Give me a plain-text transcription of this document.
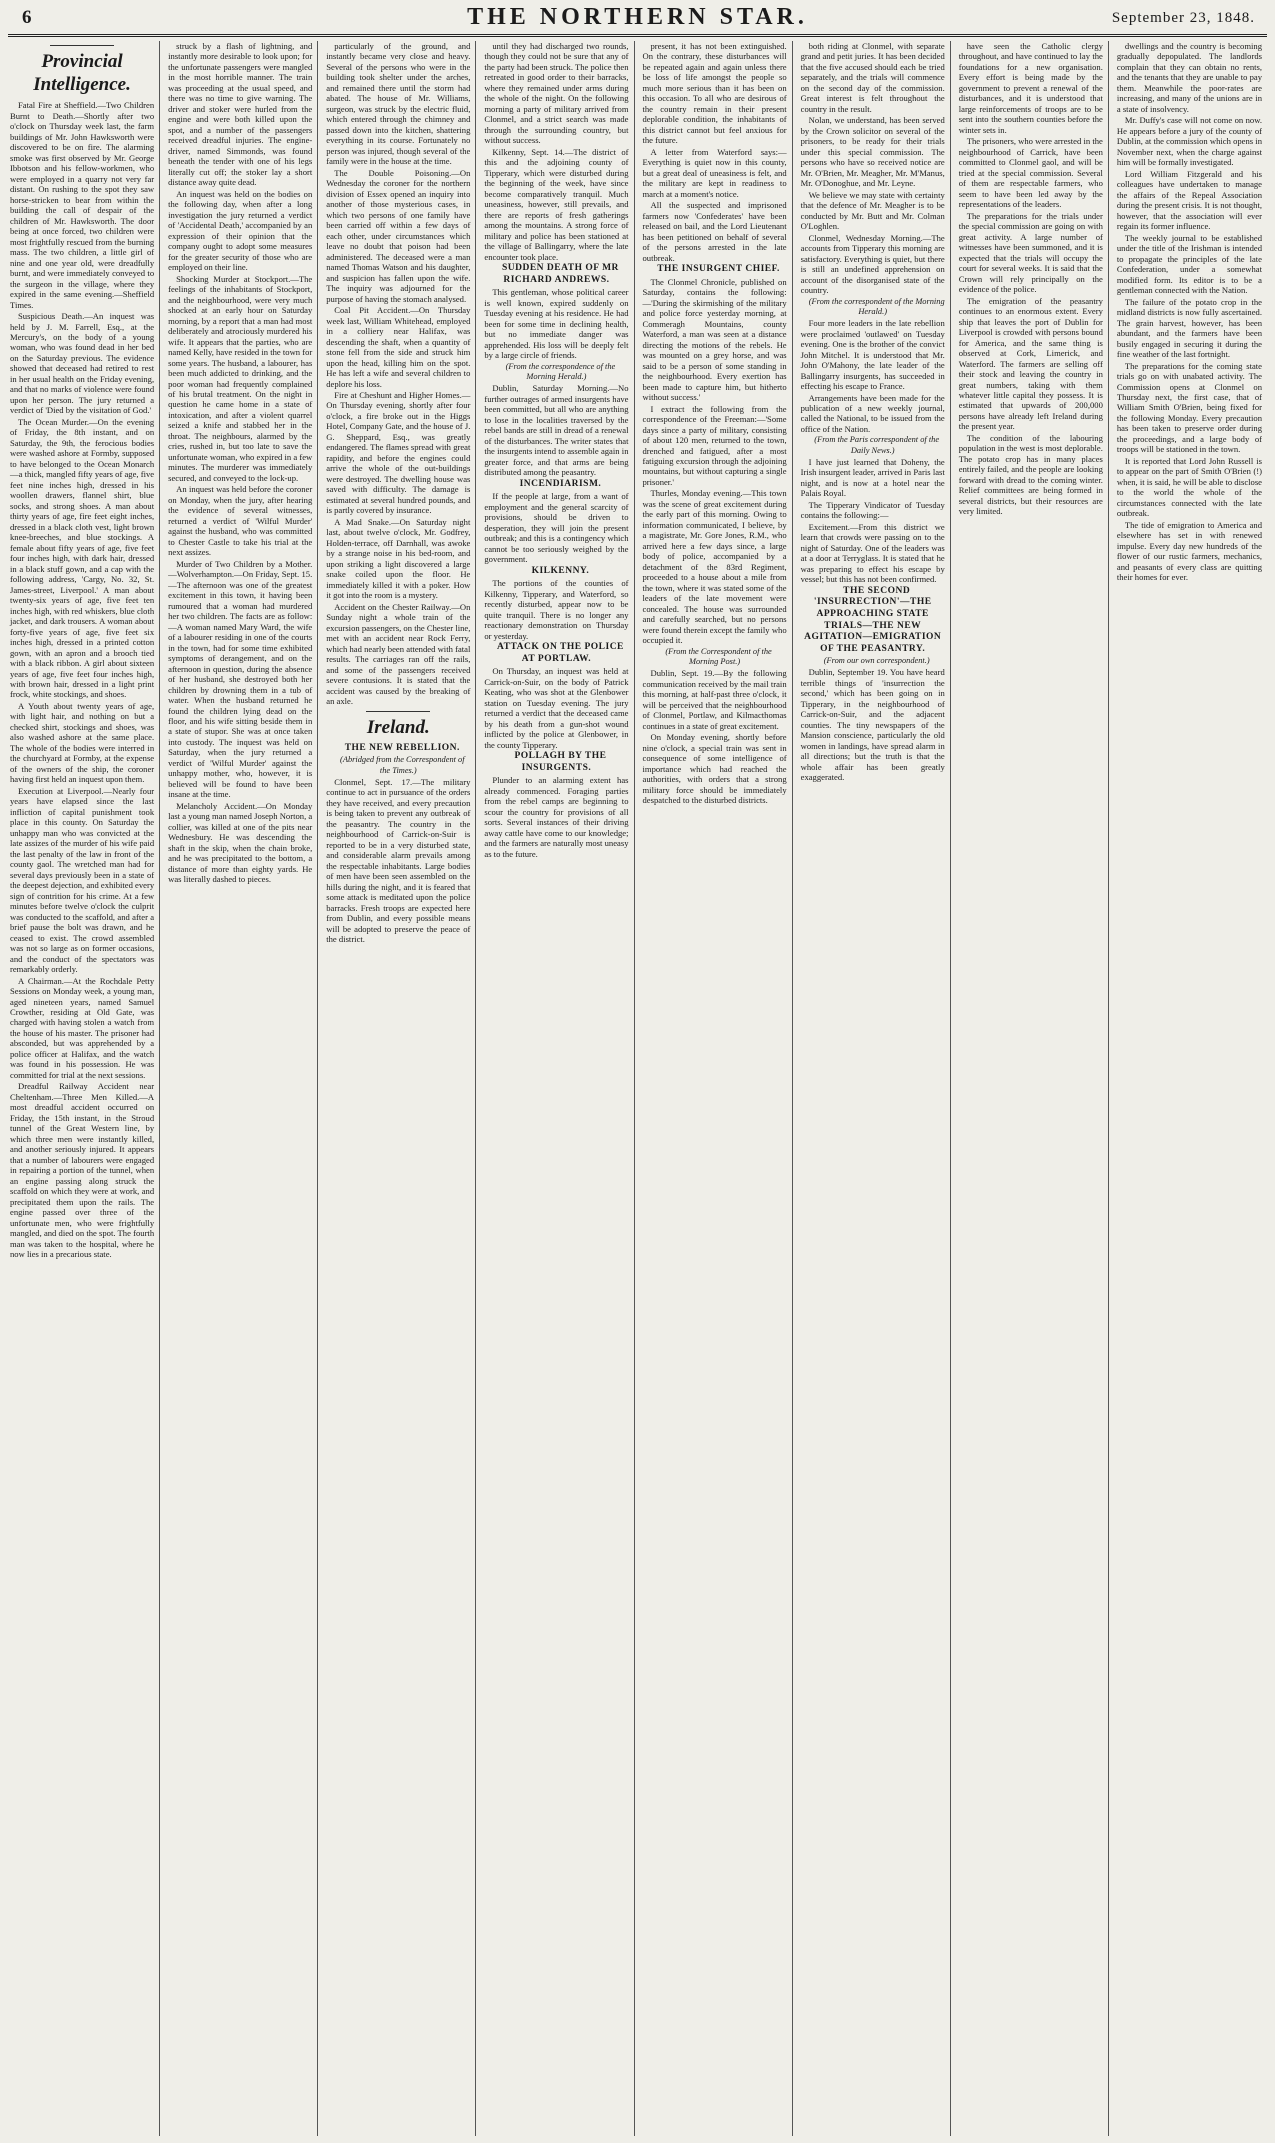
6	THE NORTHERN STAR.	September 23, 1848.
Provincial Intelligence.

Fatal Fire at Sheffield.—Two Children Burnt to Death.—Shortly after two o'clock on Thursday week last, the farm buildings of Mr. John Hawksworth were discovered to be on fire. The alarming smoke was first observed by Mr. George Ibbotson and his fellow-workmen, who were employed in a quarry not very far distant. On rushing to the spot they saw horse-stricken to bear from within the building the call of despair of the children of Mr. Hawksworth. The door being at once forced, two children were most frightfully rescued from the burning mass. The two children, a little girl of nine and one year old, were dreadfully burnt, and were immediately conveyed to the surgeon in the village, where they expired in the same evening.—Sheffield Times.

Suspicious Death.—An inquest was held by J. M. Farrell, Esq., at the Mercury's, on the body of a young woman, who was found dead in her bed on the Saturday previous. The evidence showed that deceased had retired to rest in her usual health on the Friday evening, and that no marks of violence were found upon her person. The jury returned a verdict of 'Died by the visitation of God.'

The Ocean Murder.—On the evening of Friday, the 8th instant, and on Saturday, the 9th, the ferocious bodies were washed ashore at Formby, supposed to have belonged to the Ocean Monarch—a thick, mangled fifty years of age, five feet nine inches high, dressed in his woollen drawers, flannel shirt, blue socks, and strong shoes. A man about thirty years of age, fire feet eight inches, dressed in a black cloth vest, light brown knee-breeches, and blue stockings. A female about fifty years of age, five feet four inches high, with dark hair, dressed in a black stuff gown, and a cap with the following address, 'Cargy, No. 32, St. James-street, Liverpool.' A man about twenty-six years of age, five feet ten inches high, with red whiskers, blue cloth jacket, and dark trousers. A woman about forty-five years of age, five feet six inches high, dressed in a printed cotton gown, with an apron and a brooch tied with a black ribbon. A girl about sixteen years of age, five feet four inches high, with brown hair, dressed in a light print frock, white stockings, and shoes.

A Youth about twenty years of age, with light hair, and nothing on but a checked shirt, stockings and shoes, was also washed ashore at the same place. The whole of the bodies were interred in the churchyard at Formby, at the expense of the owners of the ship, the coroner having first held an inquest upon them.

Execution at Liverpool.—Nearly four years have elapsed since the last infliction of capital punishment took place in this county. On Saturday the unhappy man who was convicted at the late assizes of the murder of his wife paid the last penalty of the law in front of the county gaol. The wretched man had for several days previously been in a state of the deepest dejection, and exhibited every sign of contrition for his crime. At a few minutes before twelve o'clock the culprit was conducted to the scaffold, and after a brief pause the bolt was drawn, and he ceased to exist. The crowd assembled was not so large as on former occasions, and the conduct of the spectators was remarkably orderly.

A Chairman.—At the Rochdale Petty Sessions on Monday week, a young man, aged nineteen years, named Samuel Crowther, residing at Old Gate, was charged with having stolen a watch from the house of his master. The prisoner had absconded, but was apprehended by a police officer at Halifax, and the watch was found in his possession. He was committed for trial at the next sessions.

Dreadful Railway Accident near Cheltenham.—Three Men Killed.—A most dreadful accident occurred on Friday, the 15th instant, in the Stroud tunnel of the Great Western line, by which three men were instantly killed, and another seriously injured. It appears that a number of labourers were engaged in repairing a portion of the tunnel, when an engine passing along struck the scaffold on which they were at work, and precipitated them upon the rails. The engine passed over three of the unfortunate men, who were frightfully mangled, and died on the spot. The fourth man was taken to the hospital, where he now lies in a precarious state.

struck by a flash of lightning, and instantly more desirable to look upon; for the unfortunate passengers were mangled in the most horrible manner. The train was proceeding at the usual speed, and there was no time to give warning. The driver and stoker were hurled from the engine and were both killed upon the spot, and a number of the passengers received dreadful injuries. The engine-driver, named Simmonds, was found beneath the tender with one of his legs literally cut off; the stoker lay a short distance away quite dead.

An inquest was held on the bodies on the following day, when after a long investigation the jury returned a verdict of 'Accidental Death,' accompanied by an expression of their opinion that the company ought to adopt some measures for the greater security of those who are employed on their line.

Shocking Murder at Stockport.—The feelings of the inhabitants of Stockport, and the neighbourhood, were very much shocked at an early hour on Saturday morning, by a report that a man had most deliberately and atrociously murdered his wife. It appears that the parties, who are named Kelly, have resided in the town for some years. The husband, a labourer, has been much addicted to drinking, and the poor woman had frequently complained of his brutal treatment. On the night in question he came home in a state of intoxication, and after a violent quarrel seized a knife and stabbed her in the throat. The neighbours, alarmed by the cries, rushed in, but too late to save the unfortunate woman, who expired in a few minutes. The murderer was immediately secured, and conveyed to the lock-up.

An inquest was held before the coroner on Monday, when the jury, after hearing the evidence of several witnesses, returned a verdict of 'Wilful Murder' against the husband, who was committed to Chester Castle to take his trial at the next assizes.

Murder of Two Children by a Mother.—Wolverhampton.—On Friday, Sept. 15.—The afternoon was one of the greatest excitement in this town, it having been rumoured that a woman had murdered her two children. The facts are as follow:—A woman named Mary Ward, the wife of a labourer residing in one of the courts in the town, had for some time exhibited symptoms of derangement, and on the afternoon in question, during the absence of her husband, she destroyed both her children by drowning them in a tub of water. When the husband returned he found the children lying dead on the floor, and his wife sitting beside them in a state of stupor. She was at once taken into custody. The inquest was held on Saturday, when the jury returned a verdict of 'Wilful Murder' against the unhappy mother, who, however, it is believed will be found to have been insane at the time.

Melancholy Accident.—On Monday last a young man named Joseph Norton, a collier, was killed at one of the pits near Wednesbury. He was descending the shaft in the skip, when the chain broke, and he was precipitated to the bottom, a distance of more than eighty yards. He was literally dashed to pieces.

particularly of the ground, and instantly became very close and heavy. Several of the persons who were in the building took shelter under the arches, and remained there until the storm had abated. The house of Mr. Williams, surgeon, was struck by the electric fluid, which entered through the chimney and passed down into the kitchen, shattering everything in its course. Fortunately no person was injured, though several of the family were in the house at the time.

The Double Poisoning.—On Wednesday the coroner for the northern division of Essex opened an inquiry into another of those mysterious cases, in which two persons of one family have been carried off within a few days of each other, under circumstances which leave no doubt that poison had been administered. The deceased were a man named Thomas Watson and his daughter, and suspicion has fallen upon the wife. The inquiry was adjourned for the purpose of having the stomach analysed.

Coal Pit Accident.—On Thursday week last, William Whitehead, employed in a colliery near Halifax, was descending the shaft, when a quantity of stone fell from the side and struck him upon the head, killing him on the spot. He has left a wife and several children to deplore his loss.

Fire at Cheshunt and Higher Homes.—On Thursday evening, shortly after four o'clock, a fire broke out in the Higgs Hotel, Company Gate, and the house of J. G. Sheppard, Esq., was greatly endangered. The flames spread with great rapidity, and before the engines could arrive the whole of the out-buildings were destroyed. The dwelling house was saved with difficulty. The damage is estimated at several hundred pounds, and is partly covered by insurance.

A Mad Snake.—On Saturday night last, about twelve o'clock, Mr. Godfrey, Holden-terrace, off Darnhall, was awoke by a strange noise in his bed-room, and upon striking a light discovered a large snake coiled upon the floor. He immediately killed it with a poker. How it got into the room is a mystery.

Accident on the Chester Railway.—On Sunday night a whole train of the excursion passengers, on the Chester line, met with an accident near Rock Ferry, which had nearly been attended with fatal results. The carriages ran off the rails, and some of the passengers received severe contusions. It is stated that the accident was caused by the breaking of an axle.

Ireland.

THE NEW REBELLION.

(Abridged from the Correspondent of the Times.)

Clonmel, Sept. 17.—The military continue to act in pursuance of the orders they have received, and every precaution is being taken to prevent any outbreak of the peasantry. The country in the neighbourhood of Carrick-on-Suir is reported to be in a very disturbed state, and considerable alarm prevails among the respectable inhabitants. Large bodies of men have been seen assembled on the hills during the night, and it is feared that some attack is meditated upon the police barracks. Fresh troops are expected here from Dublin, and every possible means will be adopted to preserve the peace of the district.

until they had discharged two rounds, though they could not be sure that any of the party had been struck. The police then retreated in good order to their barracks, where they remained under arms during the whole of the night. On the following morning a party of military arrived from Clonmel, and a strict search was made through the surrounding country, but without success.

Kilkenny, Sept. 14.—The district of this and the adjoining county of Tipperary, which were disturbed during the beginning of the week, have since become comparatively tranquil. Much uneasiness, however, still prevails, and there are reports of fresh gatherings among the mountains. A strong force of military and police has been stationed at the village of Ballingarry, where the late encounter took place.

SUDDEN DEATH OF MR RICHARD ANDREWS.

This gentleman, whose political career is well known, expired suddenly on Tuesday evening at his residence. He had been for some time in declining health, but no immediate danger was apprehended. His loss will be deeply felt by a large circle of friends.

(From the correspondence of the Morning Herald.)

Dublin, Saturday Morning.—No further outrages of armed insurgents have been committed, but all who are anything to lose in the localities traversed by the rebel bands are still in dread of a renewal of the disturbances. The writer states that the insurgents intend to assemble again in greater force, and that arms are being distributed among the peasantry.

INCENDIARISM.

If the people at large, from a want of employment and the general scarcity of provisions, should be driven to desperation, they will join the present outbreak; and this is a contingency which cannot be too seriously weighed by the government.

KILKENNY.

The portions of the counties of Kilkenny, Tipperary, and Waterford, so recently disturbed, appear now to be quite tranquil. There is no longer any reactionary demonstration on Thursday or yesterday.

ATTACK ON THE POLICE AT PORTLAW.

On Thursday, an inquest was held at Carrick-on-Suir, on the body of Patrick Keating, who was shot at the Glenbower station on Tuesday evening. The jury returned a verdict that the deceased came by his death from a gun-shot wound inflicted by the police at Glenbower, in the county Tipperary.

POLLAGH BY THE INSURGENTS.

Plunder to an alarming extent has already commenced. Foraging parties from the rebel camps are beginning to scour the country for provisions of all sorts. Several instances of their driving away cattle have come to our knowledge; and the farmers are naturally most uneasy as to the future.

present, it has not been extinguished. On the contrary, these disturbances will be repeated again and again unless there be loss of life amongst the people so much more serious than it has been on this occasion. To all who are desirous of the country remain in their present deplorable condition, the inhabitants of this district cannot but feel anxious for the future.

A letter from Waterford says:—Everything is quiet now in this county, but a great deal of uneasiness is felt, and the military are kept in readiness to march at a moment's notice.

All the suspected and imprisoned farmers now 'Confederates' have been released on bail, and the Lord Lieutenant has been petitioned on behalf of several of the persons arrested in the late outbreak.

THE INSURGENT CHIEF.

The Clonmel Chronicle, published on Saturday, contains the following:—'During the skirmishing of the military and police force yesterday morning, at Commeragh Mountains, county Waterford, a man was seen at a distance directing the motions of the rebels. He was mounted on a grey horse, and was said to be a person of some standing in the neighbourhood. Every exertion has been made to capture him, but hitherto without success.'

I extract the following from the correspondence of the Freeman:—'Some days since a party of military, consisting of about 120 men, returned to the town, drenched and fatigued, after a most fatiguing excursion through the adjoining mountains, but without capturing a single prisoner.'

Thurles, Monday evening.—This town was the scene of great excitement during the early part of this morning. Owing to information communicated, I believe, by a magistrate, Mr. Gore Jones, R.M., who arrived here a few days since, a large body of police, accompanied by a detachment of the 83rd Regiment, proceeded to a house about a mile from the town, where it was stated some of the leaders of the late movement were concealed. The house was surrounded and carefully searched, but no persons were found therein except the family who occupied it.

(From the Correspondent of the Morning Post.)

Dublin, Sept. 19.—By the following communication received by the mail train this morning, at half-past three o'clock, it will be perceived that the neighbourhood of Clonmel, Portlaw, and Kilmacthomas continues in a state of great excitement.

On Monday evening, shortly before nine o'clock, a special train was sent in consequence of some intelligence of importance which had reached the authorities, with orders that a strong military force should be immediately despatched to the disturbed districts.

both riding at Clonmel, with separate grand and petit juries. It has been decided that the five accused should each be tried separately, and the trials will commence on the second day of the commission. Great interest is felt throughout the country in the result.

Nolan, we understand, has been served by the Crown solicitor on several of the prisoners, to be ready for their trials under this special commission. The persons who have so received notice are Mr. O'Brien, Mr. Meagher, Mr. M'Manus, Mr. O'Donoghue, and Mr. Leyne.

We believe we may state with certainty that the defence of Mr. Meagher is to be conducted by Mr. Butt and Mr. Colman O'Loghlen.

Clonmel, Wednesday Morning.—The accounts from Tipperary this morning are satisfactory. Everything is quiet, but there is still an undefined apprehension on account of the disorganised state of the country.

(From the correspondent of the Morning Herald.)

Four more leaders in the late rebellion were proclaimed 'outlawed' on Tuesday evening. One is the brother of the convict John Mitchel. It is understood that Mr. John O'Mahony, the late leader of the Ballingarry insurgents, has succeeded in effecting his escape to France.

Arrangements have been made for the publication of a new weekly journal, called the National, to be issued from the office of the Nation.

(From the Paris correspondent of the Daily News.)

I have just learned that Doheny, the Irish insurgent leader, arrived in Paris last night, and is now at a hotel near the Palais Royal.

The Tipperary Vindicator of Tuesday contains the following:—

Excitement.—From this district we learn that crowds were passing on to the night of Saturday. One of the leaders was at a door at Terryglass. It is stated that he was preparing to effect his escape by vessel; but this has not been confirmed.

THE SECOND 'INSURRECTION'—THE APPROACHING STATE TRIALS—THE NEW AGITATION—EMIGRATION OF THE PEASANTRY.

(From our own correspondent.)

Dublin, September 19. You have heard terrible things of 'insurrection the second,' which has been going on in Tipperary, in the neighbourhood of Carrick-on-Suir, and the adjacent counties. The tiny newspapers of the Mansion conscience, particularly the old women in landings, have spread alarm in all directions; but the truth is that the whole affair has been greatly exaggerated.

have seen the Catholic clergy throughout, and have continued to lay the foundations for a new organisation. Every effort is being made by the government to prevent a renewal of the disturbances, and it is understood that large reinforcements of troops are to be sent into the southern counties before the winter sets in.

The prisoners, who were arrested in the neighbourhood of Carrick, have been committed to Clonmel gaol, and will be tried at the special commission. Several of them are respectable farmers, who seem to have been led away by the representations of the leaders.

The preparations for the trials under the special commission are going on with great activity. A large number of witnesses have been summoned, and it is expected that the trials will occupy the court for several weeks. It is said that the Crown will rely principally on the evidence of the police.

The emigration of the peasantry continues to an enormous extent. Every ship that leaves the port of Dublin for Liverpool is crowded with persons bound for America, and the same thing is observed at Cork, Limerick, and Waterford. The farmers are selling off their stock and leaving the country in great numbers, taking with them whatever little capital they possess. It is estimated that upwards of 200,000 persons have already left Ireland during the present year.

The condition of the labouring population in the west is most deplorable. The potato crop has in many places entirely failed, and the people are looking forward with dread to the coming winter. Relief committees are being formed in several districts, but their resources are very limited.

dwellings and the country is becoming gradually depopulated. The landlords complain that they can obtain no rents, and the tenants that they are unable to pay them. Meanwhile the poor-rates are increasing, and many of the unions are in a state of insolvency.

Mr. Duffy's case will not come on now. He appears before a jury of the county of Dublin, at the commission which opens in November next, when the charge against him will be formally investigated.

Lord William Fitzgerald and his colleagues have undertaken to manage the affairs of the Repeal Association during the present crisis. It is not thought, however, that the association will ever regain its former influence.

The weekly journal to be established under the title of the Irishman is intended to propagate the principles of the late Confederation, under a somewhat modified form. Its editor is to be a gentleman connected with the Nation.

The failure of the potato crop in the midland districts is now fully ascertained. The grain harvest, however, has been abundant, and the farmers have been busily engaged in securing it during the fine weather of the last fortnight.

The preparations for the coming state trials go on with unabated activity. The Commission opens at Clonmel on Thursday next, the first case, that of William Smith O'Brien, being fixed for the following Monday. Every precaution has been taken to preserve order during the proceedings, and a large body of troops will be stationed in the town.

It is reported that Lord John Russell is to appear on the part of Smith O'Brien (!) when, it is said, he will be able to disclose to the world the whole of the circumstances connected with the late outbreak.

The tide of emigration to America and elsewhere has set in with renewed impulse. Every day new hundreds of the flower of our rustic farmers, mechanics, and peasants of every class are quitting their homes for ever.
